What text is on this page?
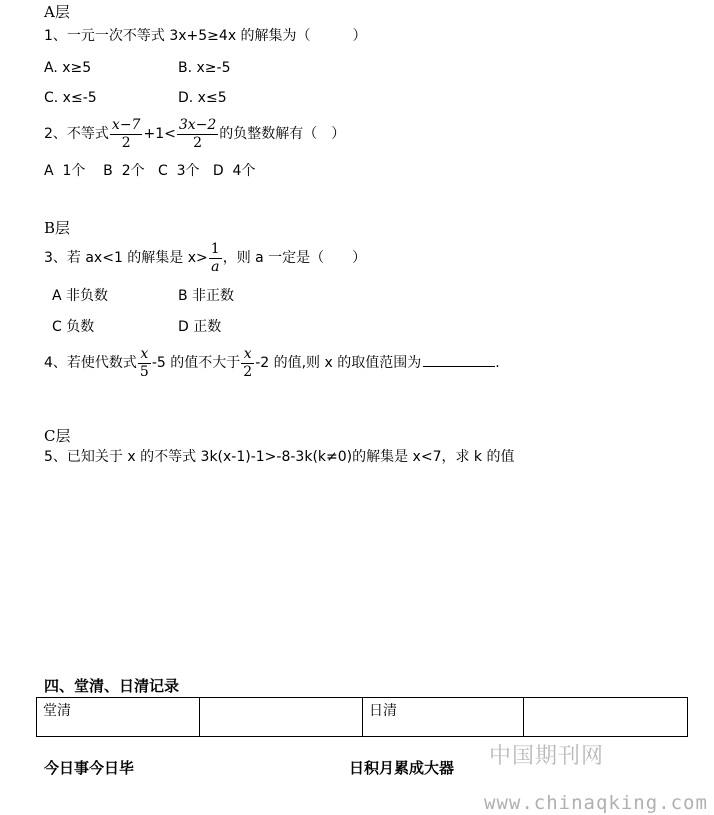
A层
1、一元一次不等式 3x+5≥4x 的解集为（　　　）
A. x≥5	B. x≥-5
C. x≤-5	D. x≤5
2、不等式 $\frac{x-7}{2} +1< \frac{3x-2}{2}$ 的负整数解有（　）
A  1个    B  2个   C  3个   D  4个
B层
3、若 ax<1 的解集是 $x> \frac{1}{a}$ ，则 a 一定是（　　）
A 非负数	B 非正数
C 负数	D 正数
4、若使代数式 $\frac{x}{5} -5$ 的值不大于 $\frac{x}{2} -2$ 的值,则 x 的取值范围为	.
C层
5、已知关于 x 的不等式 3k(x-1)-1>-8-3k(k≠0)的解集是 x<7，求 k 的值
四、堂清、日清记录
堂清		日清	
今日事今日毕	日积月累成大器 中国期刊网
www.chinaqking.com
